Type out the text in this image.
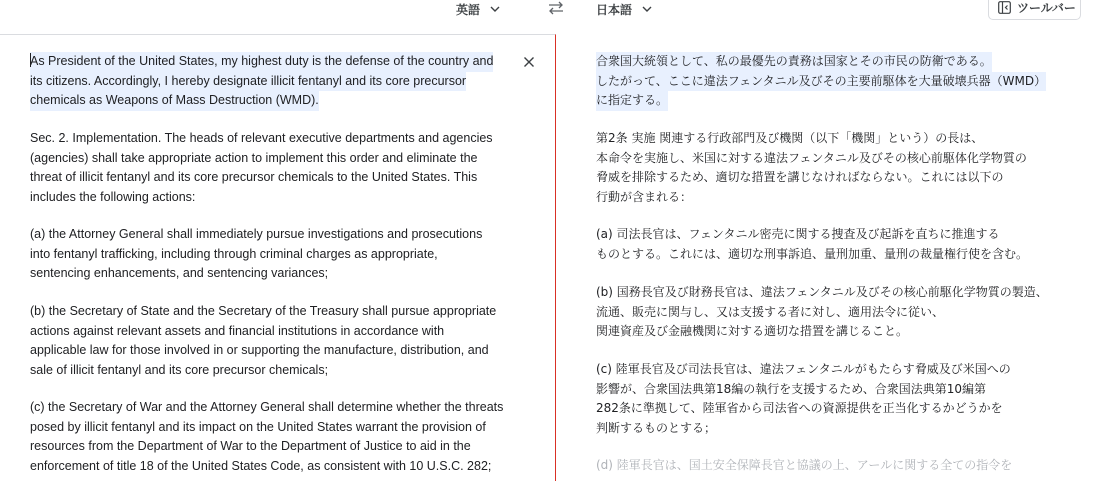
英語	日本語	ツールバー
As President of the United States, my highest duty is the defense of the country and
its citizens. Accordingly, I hereby designate illicit fentanyl and its core precursor
chemicals as Weapons of Mass Destruction (WMD).
Sec. 2. Implementation. The heads of relevant executive departments and agencies
(agencies) shall take appropriate action to implement this order and eliminate the
threat of illicit fentanyl and its core precursor chemicals to the United States. This
includes the following actions:
(a) the Attorney General shall immediately pursue investigations and prosecutions
into fentanyl trafficking, including through criminal charges as appropriate,
sentencing enhancements, and sentencing variances;
(b) the Secretary of State and the Secretary of the Treasury shall pursue appropriate
actions against relevant assets and financial institutions in accordance with
applicable law for those involved in or supporting the manufacture, distribution, and
sale of illicit fentanyl and its core precursor chemicals;
(c) the Secretary of War and the Attorney General shall determine whether the threats
posed by illicit fentanyl and its impact on the United States warrant the provision of
resources from the Department of War to the Department of Justice to aid in the
enforcement of title 18 of the United States Code, as consistent with 10 U.S.C. 282;
合衆国大統領として、私の最優先の責務は国家とその市民の防衛である。
したがって、ここに違法フェンタニル及びその主要前駆体を大量破壊兵器（WMD）
に指定する。
第2条 実施 関連する行政部門及び機関（以下「機関」という）の長は、
本命令を実施し、米国に対する違法フェンタニル及びその核心前駆体化学物質の
脅威を排除するため、適切な措置を講じなければならない。これには以下の
行動が含まれる：
(a) 司法長官は、フェンタニル密売に関する捜査及び起訴を直ちに推進する
ものとする。これには、適切な刑事訴追、量刑加重、量刑の裁量権行使を含む。
(b) 国務長官及び財務長官は、違法フェンタニル及びその核心前駆化学物質の製造、
流通、販売に関与し、又は支援する者に対し、適用法令に従い、
関連資産及び金融機関に対する適切な措置を講じること。
(c) 陸軍長官及び司法長官は、違法フェンタニルがもたらす脅威及び米国への
影響が、合衆国法典第18編の執行を支援するため、合衆国法典第10編第
282条に準拠して、陸軍省から司法省への資源提供を正当化するかどうかを
判断するものとする；
(d) 陸軍長官は、国土安全保障長官と協議の上、アールに関する全ての指令を
